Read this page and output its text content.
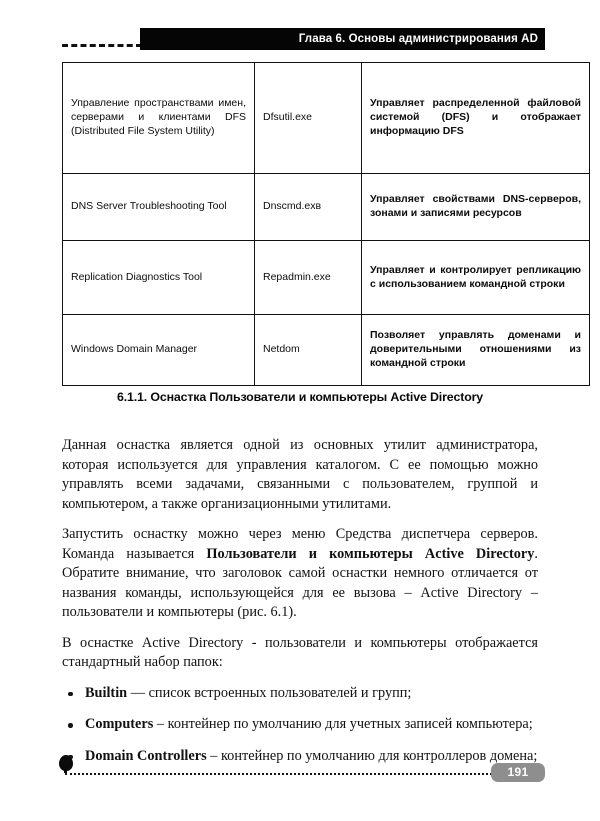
Глава 6. Основы администрирования AD
Управление пространствами имен, серверами и клиентами DFS (Distributed File System Utility)	Dfsutil.exe	Управляет распределенной файловой системой (DFS) и отображает информацию DFS
DNS Server Troubleshooting Tool	Dnscmd.exв	Управляет свойствами DNS-серверов, зонами и записями ресурсов
Replication Diagnostics Tool	Repadmin.exe	Управляет и контролирует репликацию с использованием командной строки
Windows Domain Manager	Netdom	Позволяет управлять доменами и доверительными отношениями из командной строки
6.1.1. Оснастка Пользователи и компьютеры Active Directory

Данная оснастка является одной из основных утилит администратора, которая используется для управления каталогом. С ее помощью можно управлять всеми задачами, связанными с пользователем, группой и компьютером, а также организационными утилитами.

Запустить оснастку можно через меню Средства диспетчера серверов. Команда называется Пользователи и компьютеры Active Directory. Обратите внимание, что заголовок самой оснастки немного отличается от названия команды, использующейся для ее вызова – Active Directory – пользователи и компьютеры (рис. 6.1).

В оснастке Active Directory - пользователи и компьютеры отображается стандартный набор папок:

Builtin — список встроенных пользователей и групп;
Computers – контейнер по умолчанию для учетных записей компьютера;
Domain Controllers – контейнер по умолчанию для контроллеров домена;
191
